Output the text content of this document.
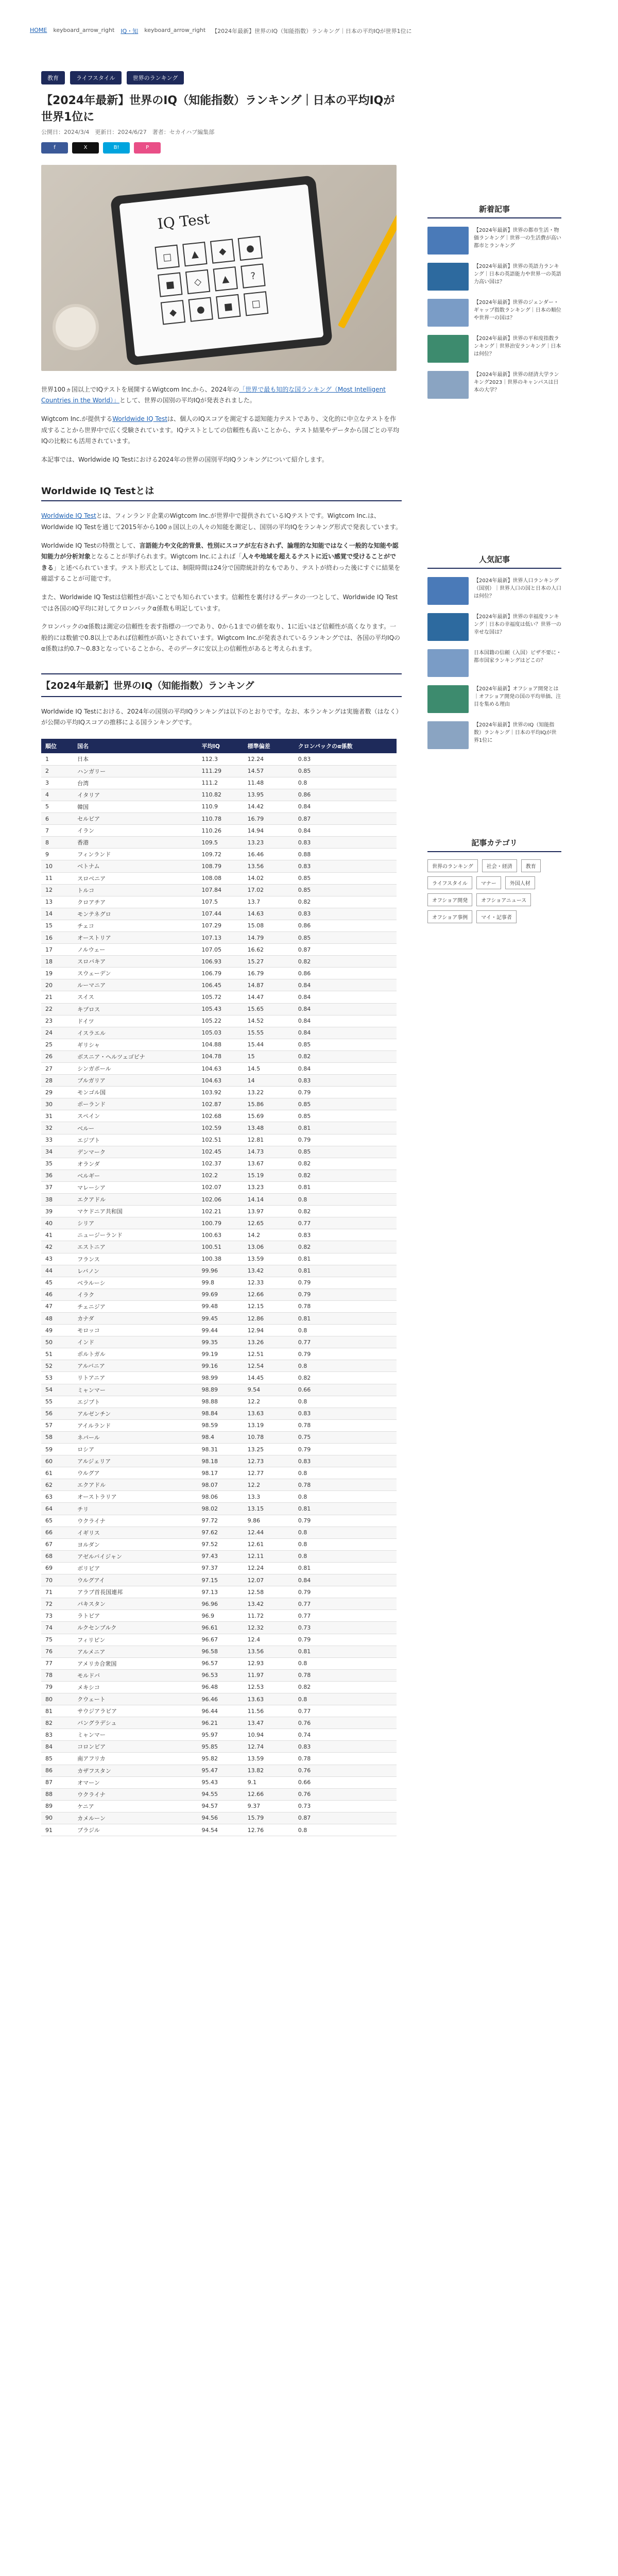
HOME keyboard_arrow_right IQ・知 keyboard_arrow_right 【2024年最新】世界のIQ（知能指数）ランキング｜日本の平均IQが世界1位に
教育	ライフスタイル	世界のランキング
【2024年最新】世界のIQ（知能指数）ランキング｜日本の平均IQが世界1位に
公開日：2024/3/4　更新日：2024/6/27　著者：セカイハブ編集部
f	X	B!	P
IQ Test
□	▲	◆	●
■	◇	▲	?
◆	●	■	□

世界100ヵ国以上でIQテストを展開するWigtcom Inc.から、2024年の「世界で最も知的な国ランキング（Most Intelligent Countries in the World）」として、世界の国別の平均IQが発表されました。

Wigtcom Inc.が提供するWorldwide IQ Testは、個人のIQスコアを測定する認知能力テストであり、文化的に中立なテストを作成することから世界中で広く受験されています。IQテストとしての信頼性も高いことから、テスト結果やデータから国ごとの平均IQの比較にも活用されています。

本記事では、Worldwide IQ Testにおける2024年の世界の国別平均IQランキングについて紹介します。

Worldwide IQ Testとは

Worldwide IQ Testとは、フィンランド企業のWigtcom Inc.が世界中で提供されているIQテストです。Wigtcom Inc.は、Worldwide IQ Testを通じて2015年から100ヵ国以上の人々の知能を測定し、国別の平均IQをランキング形式で発表しています。

Worldwide IQ Testの特徴として、言語能力や文化的背景、性別にスコアが左右されず、論理的な知能ではなく一般的な知能や認知能力が分析対象となることが挙げられます。Wigtcom Inc.によれば「人々や地域を超えるテストに近い感覚で受けることができる」と述べられています。テスト形式としては、制限時間は24分で国際統計的なもであり、テストが終わった後にすぐに結果を確認することが可能です。

また、Worldwide IQ Testは信頼性が高いことでも知られています。信頼性を裏付けるデータの一つとして、Worldwide IQ Testでは各国のIQ平均に対してクロンバックα係数も明記しています。

クロンバックのα係数は測定の信頼性を表す指標の一つであり、0から1までの値を取り、1に近いほど信頼性が高くなります。一般的には数値で0.8以上であれば信頼性が高いとされています。Wigtcom Inc.が発表されているランキングでは、各国の平均IQのα係数は約0.7〜0.83となっていることから、そのデータに安以上の信頼性があると考えられます。

【2024年最新】世界のIQ（知能指数）ランキング

Worldwide IQ Testにおける、2024年の国別の平均IQランキングは以下のとおりです。なお、本ランキングは実施者数（はなく）が公開の平均IQスコアの推移による国ランキングです。

順位	国名	平均IQ	標準偏差	クロンバックのα係数
1	日本	112.3	12.24	0.83
2	ハンガリー	111.29	14.57	0.85
3	台湾	111.2	11.48	0.8
4	イタリア	110.82	13.95	0.86
5	韓国	110.9	14.42	0.84
6	セルビア	110.78	16.79	0.87
7	イラン	110.26	14.94	0.84
8	香港	109.5	13.23	0.83
9	フィンランド	109.72	16.46	0.88
10	ベトナム	108.79	13.56	0.83
11	スロベニア	108.08	14.02	0.85
12	トルコ	107.84	17.02	0.85
13	クロアチア	107.5	13.7	0.82
14	モンテネグロ	107.44	14.63	0.83
15	チェコ	107.29	15.08	0.86
16	オーストリア	107.13	14.79	0.85
17	ノルウェー	107.05	16.62	0.87
18	スロバキア	106.93	15.27	0.82
19	スウェーデン	106.79	16.79	0.86
20	ルーマニア	106.45	14.87	0.84
21	スイス	105.72	14.47	0.84
22	キプロス	105.43	15.65	0.84
23	ドイツ	105.22	14.52	0.84
24	イスラエル	105.03	15.55	0.84
25	ギリシャ	104.88	15.44	0.85
26	ボスニア・ヘルツェゴビナ	104.78	15	0.82
27	シンガポール	104.63	14.5	0.84
28	ブルガリア	104.63	14	0.83
29	モンゴル国	103.92	13.22	0.79
30	ポーランド	102.87	15.86	0.85
31	スペイン	102.68	15.69	0.85
32	ベルー	102.59	13.48	0.81
33	エジプト	102.51	12.81	0.79
34	デンマーク	102.45	14.73	0.85
35	オランダ	102.37	13.67	0.82
36	ベルギー	102.2	15.19	0.82
37	マレーシア	102.07	13.23	0.81
38	エクアドル	102.06	14.14	0.8
39	マケドニア共和国	102.21	13.97	0.82
40	シリア	100.79	12.65	0.77
41	ニュージーランド	100.63	14.2	0.83
42	エストニア	100.51	13.06	0.82
43	フランス	100.38	13.59	0.81
44	レバノン	99.96	13.42	0.81
45	ベラルーシ	99.8	12.33	0.79
46	イラク	99.69	12.66	0.79
47	チェニジア	99.48	12.15	0.78
48	カナダ	99.45	12.86	0.81
49	モロッコ	99.44	12.94	0.8
50	インド	99.35	13.26	0.77
51	ポルトガル	99.19	12.51	0.79
52	アルバニア	99.16	12.54	0.8
53	リトアニア	98.99	14.45	0.82
54	ミャンマー	98.89	9.54	0.66
55	エジプト	98.88	12.2	0.8
56	アルゼンチン	98.84	13.63	0.83
57	アイルランド	98.59	13.19	0.78
58	ネパール	98.4	10.78	0.75
59	ロシア	98.31	13.25	0.79
60	アルジェリア	98.18	12.73	0.83
61	ウルグア	98.17	12.77	0.8
62	エクアドル	98.07	12.2	0.78
63	オーストラリア	98.06	13.3	0.8
64	チリ	98.02	13.15	0.81
65	ウクライナ	97.72	9.86	0.79
66	イギリス	97.62	12.44	0.8
67	ヨルダン	97.52	12.61	0.8
68	アゼルバイジャン	97.43	12.11	0.8
69	ボリビア	97.37	12.24	0.81
70	ウルグアイ	97.15	12.07	0.84
71	アラブ首長国連邦	97.13	12.58	0.79
72	パキスタン	96.96	13.42	0.77
73	ラトビア	96.9	11.72	0.77
74	ルクセンブルク	96.61	12.32	0.73
75	フィリピン	96.67	12.4	0.79
76	アルメニア	96.58	13.56	0.81
77	アメリカ合衆国	96.57	12.93	0.8
78	モルドバ	96.53	11.97	0.78
79	メキシコ	96.48	12.53	0.82
80	クウェート	96.46	13.63	0.8
81	サウジアラビア	96.44	11.56	0.77
82	バングラデシュ	96.21	13.47	0.76
83	ミャンマー	95.97	10.94	0.74
84	コロンビア	95.85	12.74	0.83
85	南アフリカ	95.82	13.59	0.78
86	カザフスタン	95.47	13.82	0.76
87	オマーン	95.43	9.1	0.66
88	ウクライナ	94.55	12.66	0.76
89	ケニア	94.57	9.37	0.73
90	カメルーン	94.56	15.79	0.87
91	ブラジル	94.54	12.76	0.8
新着記事
【2024年最新】世界の都市生活・物価ランキング｜世界一の生活費が高い都市とランキング
【2024年最新】世界の英語力ランキング｜日本の英語能力や世界一の英語力高い国は？
【2024年最新】世界のジェンダー・ギャップ指数ランキング｜日本の順位や世界一の国は？
【2024年最新】世界の平和度指数ランキング｜世界治安ランキング｜日本は何位？
【2024年最新】世界の経済大学ランキング2023｜世界のキャンパスは日本の大学？
人気記事
【2024年最新】世界人口ランキング（国別）｜世界人口の国と日本の人口は何位？
【2024年最新】世界の幸福度ランキング｜日本の幸福度は低い？世界一の幸せな国は？
日本国籍の信頼（入国）ビザ不要に・都市国家ランキングはどこの？
【2024年最新】オフショア開発とは｜オフショア開発の国の平均単価、注目を集める理由
【2024年最新】世界のIQ（知能指数）ランキング｜日本の平均IQが世界1位に
記事カテゴリ
世界のランキング	社会・経済	教育
ライフスタイル	マナー	外国人材
オフショア開発	オフショアニュース
オフショア事例	マイ・記事者
